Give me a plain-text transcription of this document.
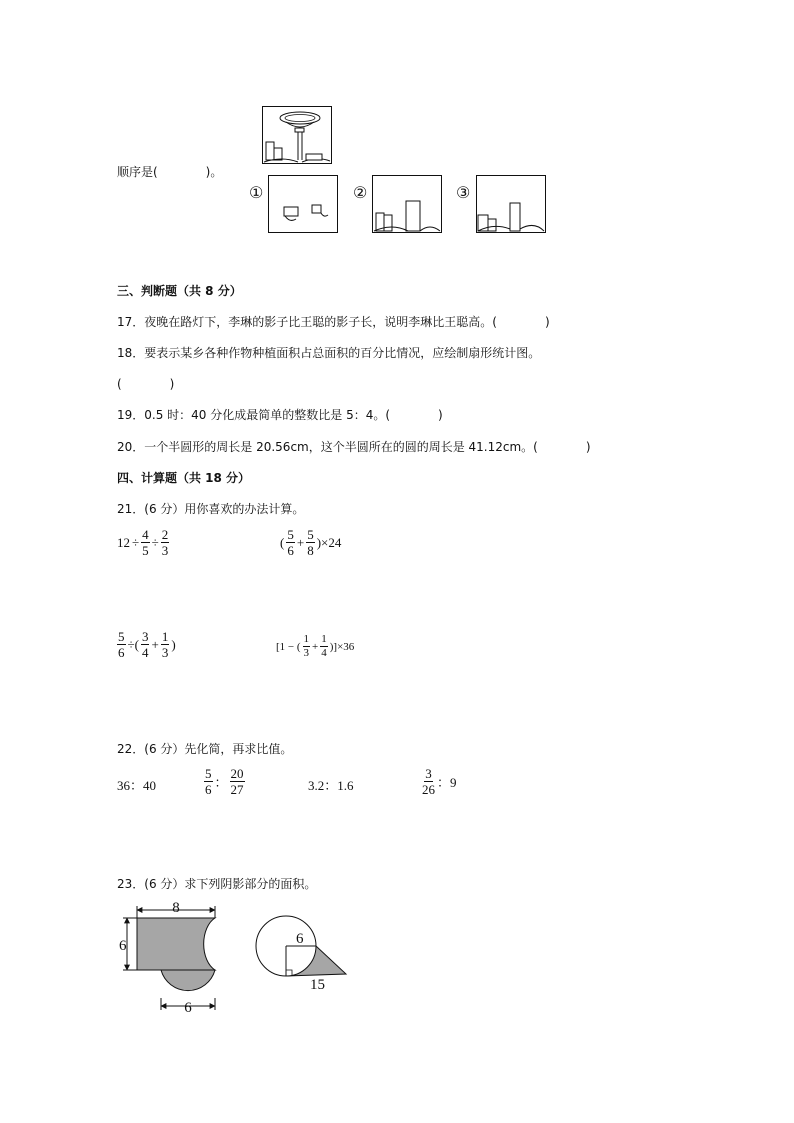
顺序是(　　　　)。
①	②	③
三、判断题（共 8 分）
17．夜晚在路灯下，李琳的影子比王聪的影子长，说明李琳比王聪高。(　　　　)
18．要表示某乡各种作物种植面积占总面积的百分比情况，应绘制扇形统计图。
(　　　　)
19．0.5 时：40 分化成最简单的整数比是 5：4。(　　　　)
20．一个半圆形的周长是 20.56cm，这个半圆所在的圆的周长是 41.12cm。(　　　　)
四、计算题（共 18 分）
21．(6 分）用你喜欢的办法计算。
$12 \div \frac{4}{5} \div \frac{2}{3}$	( $\frac{5}{6} + \frac{5}{8} )\times 24$
$\frac{5}{6}$ ÷( $\frac{3}{4} + \frac{1}{3}$ )	[1 − ( $\frac{1}{3} + \frac{1}{4} )]\times 36$
22．(6 分）先化简，再求比值。
36：40	$\frac{5}{6}$ ： $\frac{20}{27}$	3.2：1.6	$\frac{3}{26}$ ：9
23．(6 分）求下列阴影部分的面积。
8
6
6
6
15
